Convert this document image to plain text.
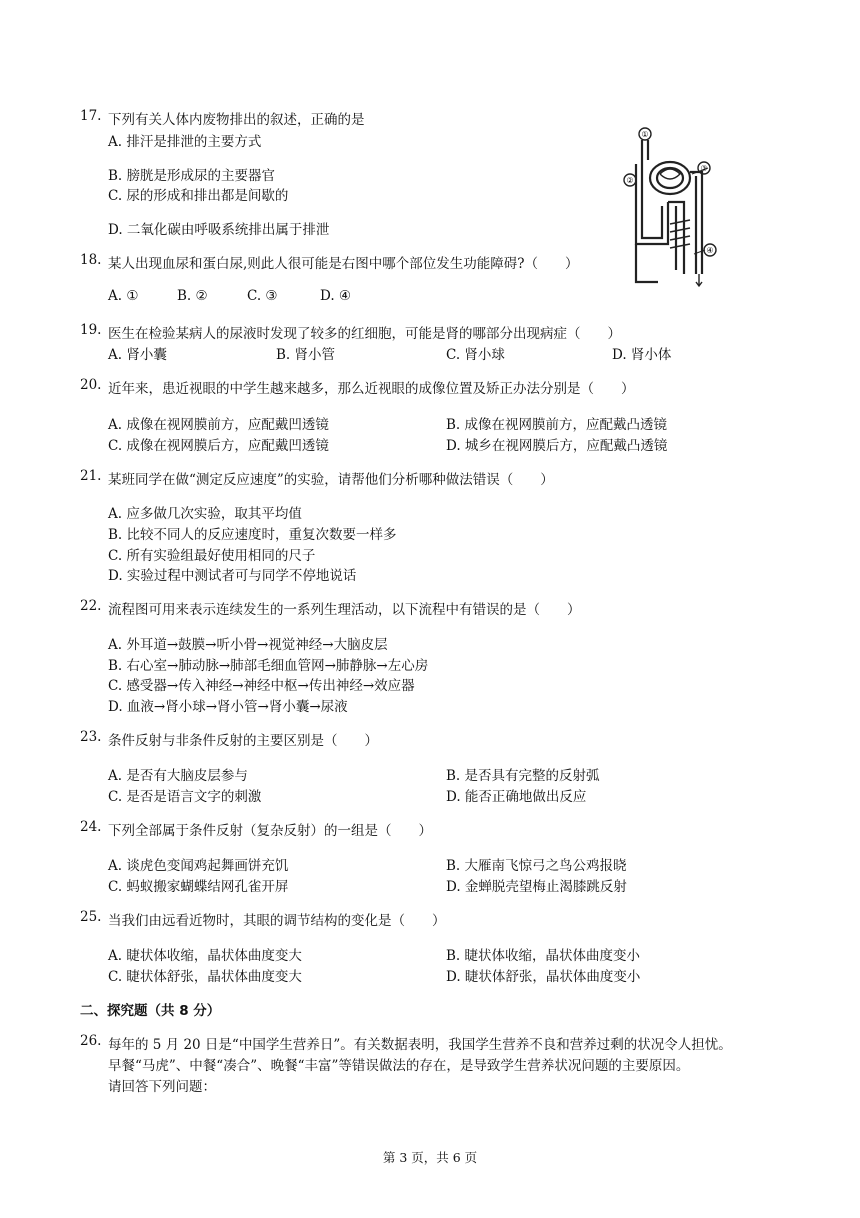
17. 下列有关人体内废物排出的叙述，正确的是
A. 排汗是排泄的主要方式
B. 膀胱是形成尿的主要器官
C. 尿的形成和排出都是间歇的
D. 二氧化碳由呼吸系统排出属于排泄
①
②
③
④
18. 某人出现血尿和蛋白尿,则此人很可能是右图中哪个部位发生功能障碍?（　　）
A. ①	B. ②	C. ③	D. ④
19. 医生在检验某病人的尿液时发现了较多的红细胞，可能是肾的哪部分出现病症（　　）
A. 肾小囊	B. 肾小管	C. 肾小球	D. 肾小体
20. 近年来，患近视眼的中学生越来越多，那么近视眼的成像位置及矫正办法分别是（　　）
A. 成像在视网膜前方，应配戴凹透镜	B. 成像在视网膜前方，应配戴凸透镜
C. 成像在视网膜后方，应配戴凹透镜	D. 城乡在视网膜后方，应配戴凸透镜
21. 某班同学在做“测定反应速度”的实验，请帮他们分析哪种做法错误（　　）
A. 应多做几次实验，取其平均值
B. 比较不同人的反应速度时，重复次数要一样多
C. 所有实验组最好使用相同的尺子
D. 实验过程中测试者可与同学不停地说话
22. 流程图可用来表示连续发生的一系列生理活动，以下流程中有错误的是（　　）
A. 外耳道→鼓膜→听小骨→视觉神经→大脑皮层
B. 右心室→肺动脉→肺部毛细血管网→肺静脉→左心房
C. 感受器→传入神经→神经中枢→传出神经→效应器
D. 血液→肾小球→肾小管→肾小囊→尿液
23. 条件反射与非条件反射的主要区别是（　　）
A. 是否有大脑皮层参与	B. 是否具有完整的反射弧
C. 是否是语言文字的刺激	D. 能否正确地做出反应
24. 下列全部属于条件反射（复杂反射）的一组是（　　）
A. 谈虎色变闻鸡起舞画饼充饥	B. 大雁南飞惊弓之鸟公鸡报晓
C. 蚂蚁搬家蝴蝶结网孔雀开屏	D. 金蝉脱壳望梅止渴膝跳反射
25. 当我们由远看近物时，其眼的调节结构的变化是（　　）
A. 睫状体收缩，晶状体曲度变大	B. 睫状体收缩，晶状体曲度变小
C. 睫状体舒张，晶状体曲度变大	D. 睫状体舒张，晶状体曲度变小
二、探究题（共 8 分）
26. 每年的 5 月 20 日是“中国学生营养日”。有关数据表明，我国学生营养不良和营养过剩的状况令人担忧。
早餐“马虎”、中餐“凑合”、晚餐“丰富”等错误做法的存在，是导致学生营养状况问题的主要原因。
请回答下列问题：
第 3 页，共 6 页
